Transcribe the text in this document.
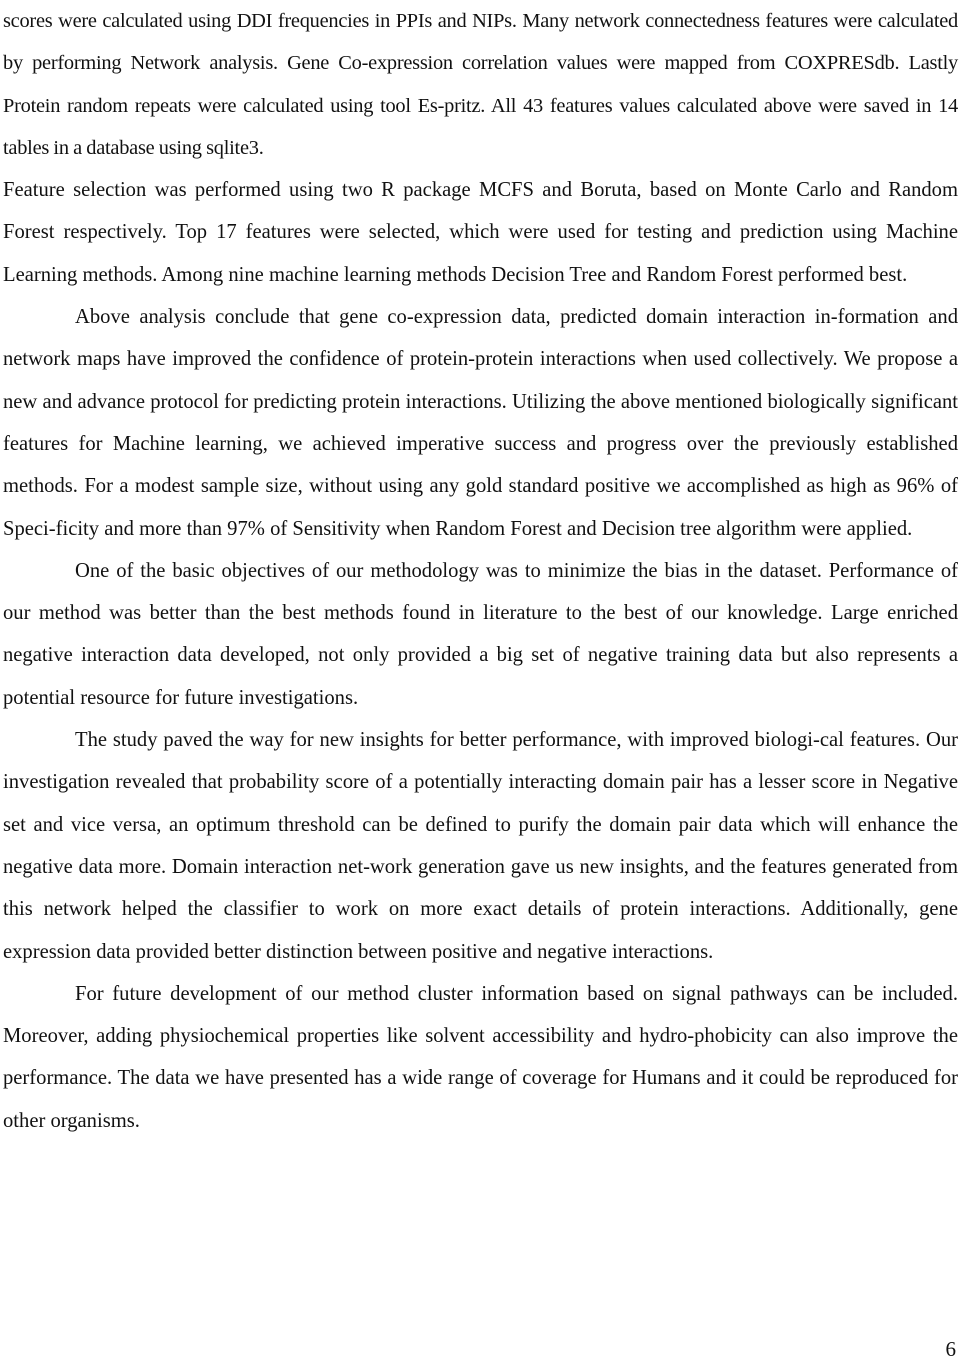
scores were calculated using DDI frequencies in PPIs and NIPs. Many network connectedness features were calculated by performing Network analysis. Gene Co-expression correlation values were mapped from COXPRESdb. Lastly Protein random repeats were calculated using tool Es-pritz. All 43 features values calculated above were saved in 14 tables in a database using sqlite3.

Feature selection was performed using two R package MCFS and Boruta, based on Monte Carlo and Random Forest respectively. Top 17 features were selected, which were used for testing and prediction using Machine Learning methods. Among nine machine learning methods Decision Tree and Random Forest performed best.

Above analysis conclude that gene co-expression data, predicted domain interaction in-formation and network maps have improved the confidence of protein-protein interactions when used collectively. We propose a new and advance protocol for predicting protein interactions. Utilizing the above mentioned biologically significant features for Machine learning, we achieved imperative success and progress over the previously established methods. For a modest sample size, without using any gold standard positive we accomplished as high as 96% of Speci-ficity and more than 97% of Sensitivity when Random Forest and Decision tree algorithm were applied.

One of the basic objectives of our methodology was to minimize the bias in the dataset. Performance of our method was better than the best methods found in literature to the best of our knowledge. Large enriched negative interaction data developed, not only provided a big set of negative training data but also represents a potential resource for future investigations.

The study paved the way for new insights for better performance, with improved biologi-cal features. Our investigation revealed that probability score of a potentially interacting domain pair has a lesser score in Negative set and vice versa, an optimum threshold can be defined to purify the domain pair data which will enhance the negative data more. Domain interaction net-work generation gave us new insights, and the features generated from this network helped the classifier to work on more exact details of protein interactions. Additionally, gene expression data provided better distinction between positive and negative interactions.

For future development of our method cluster information based on signal pathways can be included. Moreover, adding physiochemical properties like solvent accessibility and hydro-phobicity can also improve the performance. The data we have presented has a wide range of coverage for Humans and it could be reproduced for other organisms.

6
